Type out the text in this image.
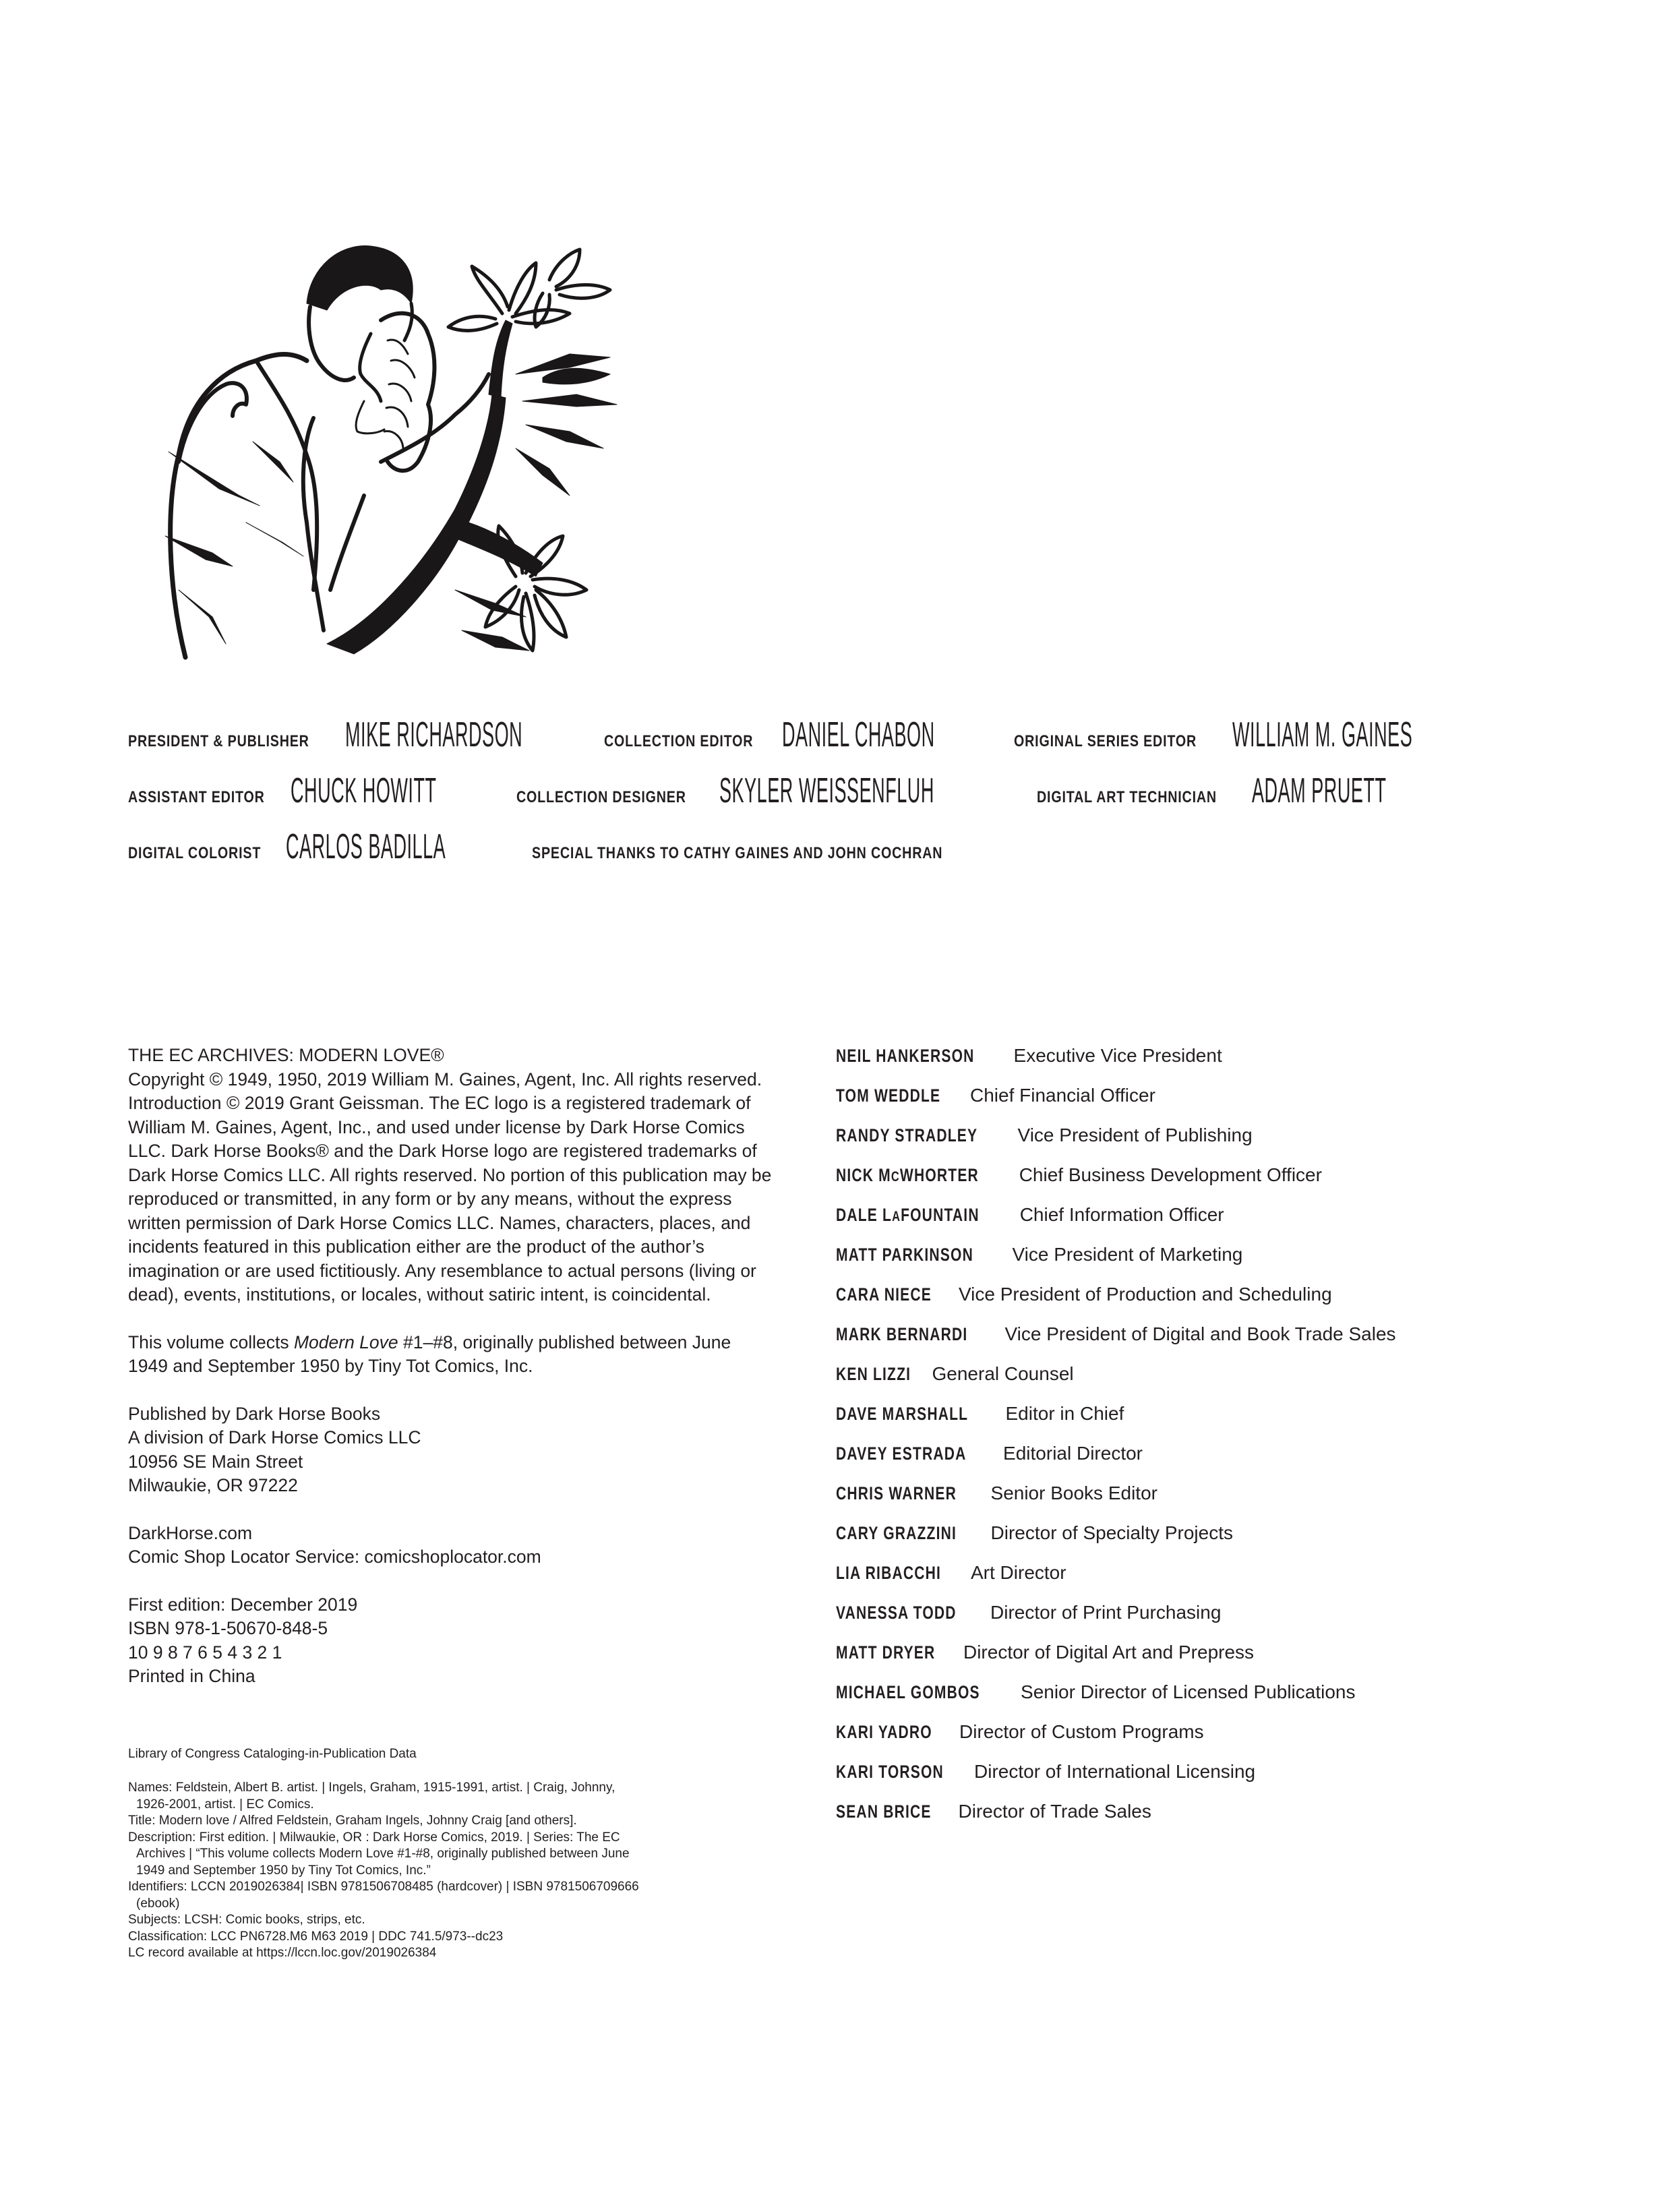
PRESIDENT & PUBLISHER MIKE RICHARDSON	COLLECTION EDITOR DANIEL CHABON	ORIGINAL SERIES EDITOR WILLIAM M. GAINES
ASSISTANT EDITOR CHUCK HOWITT	COLLECTION DESIGNER SKYLER WEISSENFLUH	DIGITAL ART TECHNICIAN ADAM PRUETT
DIGITAL COLORIST CARLOS BADILLA	SPECIAL THANKS TO CATHY GAINES AND JOHN COCHRAN

THE EC ARCHIVES: MODERN LOVE®
Copyright © 1949, 1950, 2019 William M. Gaines, Agent, Inc. All rights reserved. Introduction © 2019 Grant Geissman. The EC logo is a registered trademark of William M. Gaines, Agent, Inc., and used under license by Dark Horse Comics LLC. Dark Horse Books® and the Dark Horse logo are registered trademarks of Dark Horse Comics LLC. All rights reserved. No portion of this publication may be reproduced or transmitted, in any form or by any means, without the express written permission of Dark Horse Comics LLC. Names, characters, places, and incidents featured in this publication either are the product of the author’s imagination or are used fictitiously. Any resemblance to actual persons (living or dead), events, institutions, or locales, without satiric intent, is coincidental.

This volume collects Modern Love #1–#8, originally published between June 1949 and September 1950 by Tiny Tot Comics, Inc.

Published by Dark Horse Books
A division of Dark Horse Comics LLC
10956 SE Main Street
Milwaukie, OR 97222

DarkHorse.com
Comic Shop Locator Service: comicshoplocator.com

First edition: December 2019
ISBN 978-1-50670-848-5
10 9 8 7 6 5 4 3 2 1
Printed in China

Library of Congress Cataloging-in-Publication Data
Names: Feldstein, Albert B. artist. | Ingels, Graham, 1915-1991, artist. | Craig, Johnny, 1926-2001, artist. | EC Comics.
Title: Modern love / Alfred Feldstein, Graham Ingels, Johnny Craig [and others].
Description: First edition. | Milwaukie, OR : Dark Horse Comics, 2019. | Series: The EC Archives | “This volume collects Modern Love #1-#8, originally published between June 1949 and September 1950 by Tiny Tot Comics, Inc.”
Identifiers: LCCN 2019026384| ISBN 9781506708485 (hardcover) | ISBN 9781506709666 (ebook)
Subjects: LCSH: Comic books, strips, etc.
Classification: LCC PN6728.M6 M63 2019 | DDC 741.5/973--dc23
LC record available at https://lccn.loc.gov/2019026384
NEIL HANKERSON Executive Vice President
TOM WEDDLE Chief Financial Officer
RANDY STRADLEY Vice President of Publishing
NICK MCWHORTER Chief Business Development Officer
DALE LAFOUNTAIN Chief Information Officer
MATT PARKINSON Vice President of Marketing
CARA NIECE Vice President of Production and Scheduling
MARK BERNARDI Vice President of Digital and Book Trade Sales
KEN LIZZI General Counsel
DAVE MARSHALL Editor in Chief
DAVEY ESTRADA Editorial Director
CHRIS WARNER Senior Books Editor
CARY GRAZZINI Director of Specialty Projects
LIA RIBACCHI Art Director
VANESSA TODD Director of Print Purchasing
MATT DRYER Director of Digital Art and Prepress
MICHAEL GOMBOS Senior Director of Licensed Publications
KARI YADRO Director of Custom Programs
KARI TORSON Director of International Licensing
SEAN BRICE Director of Trade Sales
